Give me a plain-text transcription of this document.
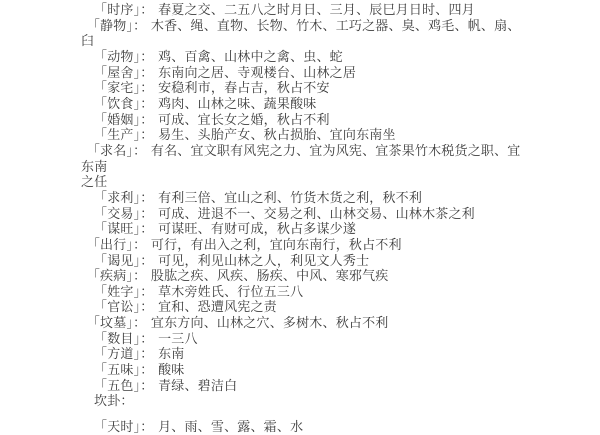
「时序」： 春夏之交、二五八之时月日、三月、辰巳月日时、四月
「静物」： 木香、绳、直物、长物、竹木、工巧之器、臭、鸡毛、帆、扇、臼
「动物」： 鸡、百禽、山林中之禽、虫、蛇
「屋舍」： 东南向之居、寺观楼台、山林之居
「家宅」： 安稳利市，春占吉，秋占不安
「饮食」： 鸡肉、山林之味、蔬果酸味
「婚姻」： 可成、宜长女之婚，秋占不利
「生产」： 易生、头胎产女、秋占损胎、宜向东南坐
「求名」： 有名、宜文职有风宪之力、宜为风宪、宜茶果竹木税货之职、宜东南
之任
「求利」： 有利三倍、宜山之利、竹货木货之利，秋不利
「交易」： 可成、进退不一、交易之利、山林交易、山林木茶之利
「谋旺」： 可谋旺、有财可成，秋占多谋少遂
「出行」： 可行，有出入之利，宜向东南行，秋占不利
「谒见」： 可见，利见山林之人，利见文人秀士
「疾病」： 股肱之疾、风疾、肠疾、中风、寒邪气疾
「姓字」： 草木旁姓氏、行位五三八
「官讼」： 宜和、恐遭风宪之责
「坟墓」： 宜东方向、山林之穴、多树木、秋占不利
「数目」： 一三八
「方道」： 东南
「五味」： 酸味
「五色」： 青绿、碧洁白
坎卦：
「天时」： 月、雨、雪、露、霜、水
